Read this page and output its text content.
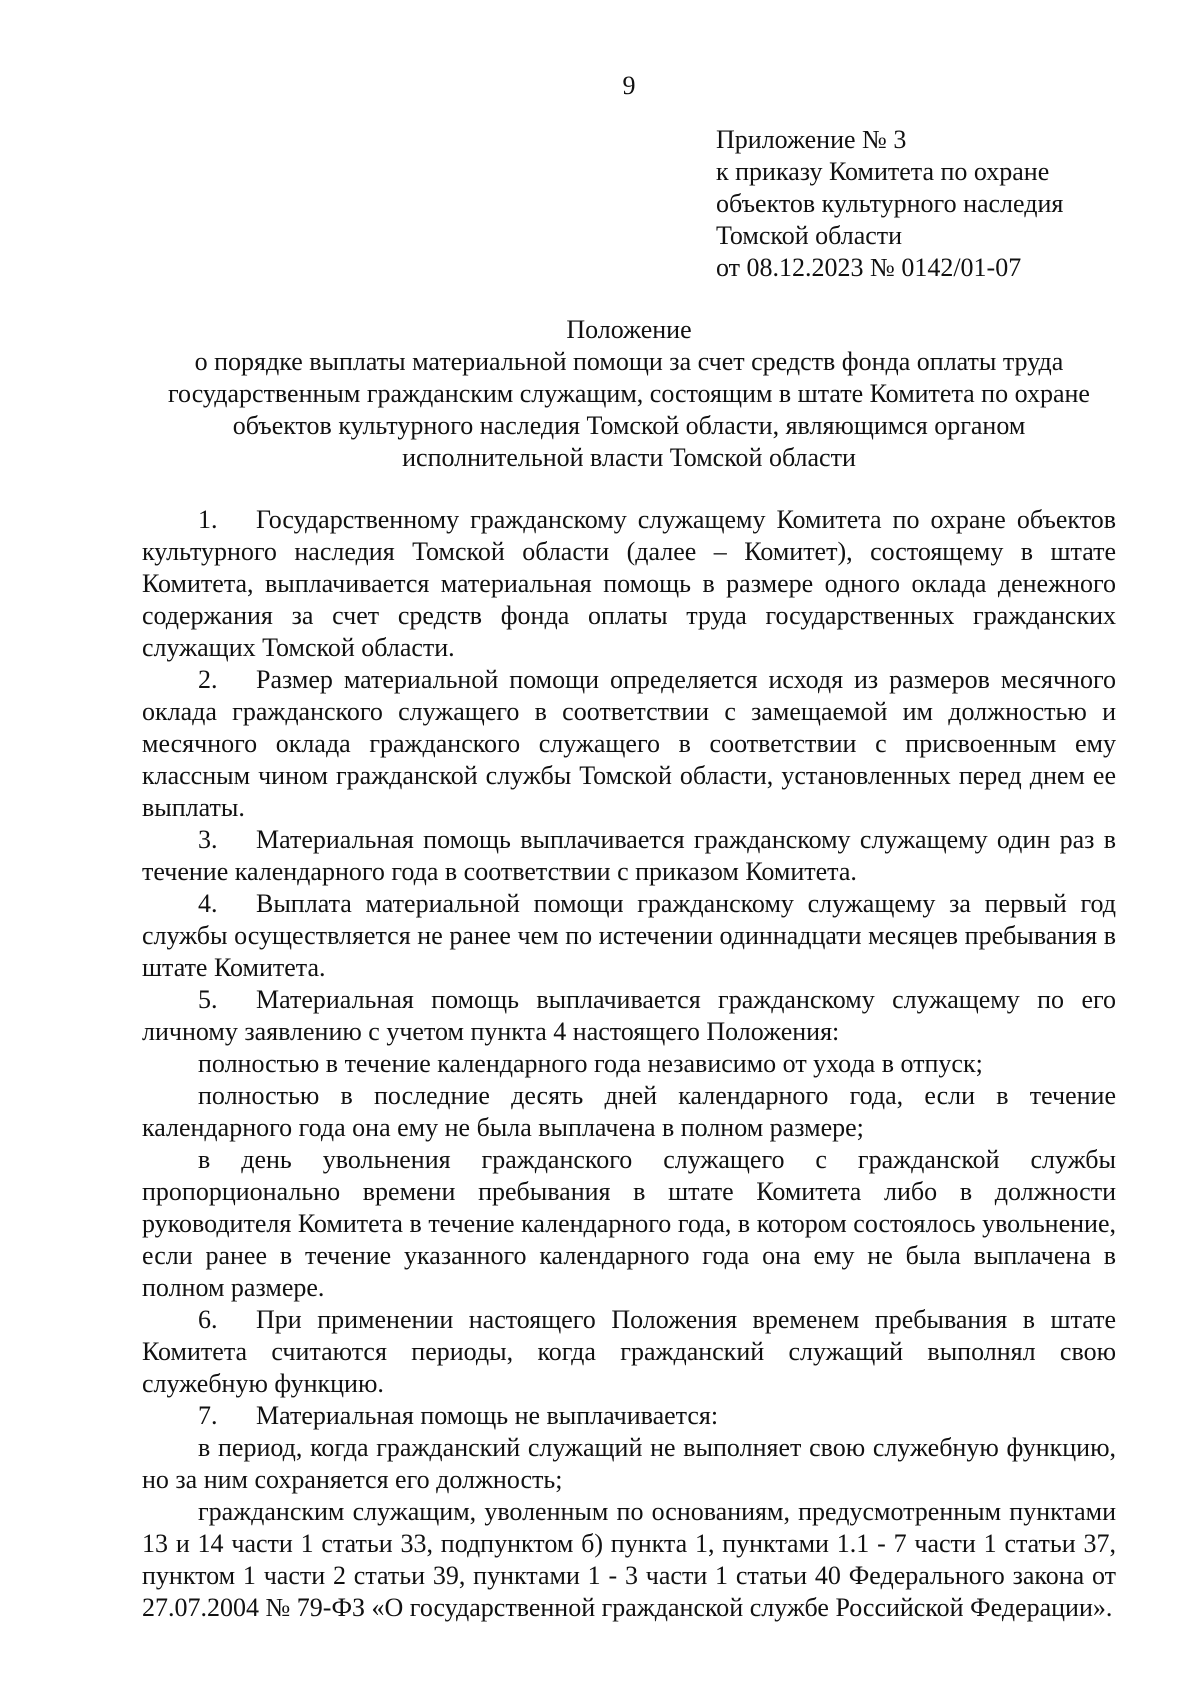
9
Приложение № 3
к приказу Комитета по охране
объектов культурного наследия
Томской области
от 08.12.2023 № 0142/01-07
Положение
о порядке выплаты материальной помощи за счет средств фонда оплаты труда
государственным гражданским служащим, состоящим в штате Комитета по охране
объектов культурного наследия Томской области, являющимся органом
исполнительной власти Томской области

1. Государственному гражданскому служащему Комитета по охране объектов культурного наследия Томской области (далее – Комитет), состоящему в штате Комитета, выплачивается материальная помощь в размере одного оклада денежного содержания за счет средств фонда оплаты труда государственных гражданских служащих Томской области.

2. Размер материальной помощи определяется исходя из размеров месячного оклада гражданского служащего в соответствии с замещаемой им должностью и месячного оклада гражданского служащего в соответствии с присвоенным ему классным чином гражданской службы Томской области, установленных перед днем ее выплаты.

3. Материальная помощь выплачивается гражданскому служащему один раз в течение календарного года в соответствии с приказом Комитета.

4. Выплата материальной помощи гражданскому служащему за первый год службы осуществляется не ранее чем по истечении одиннадцати месяцев пребывания в штате Комитета.

5. Материальная помощь выплачивается гражданскому служащему по его личному заявлению с учетом пункта 4 настоящего Положения:

полностью в течение календарного года независимо от ухода в отпуск;

полностью в последние десять дней календарного года, если в течение календарного года она ему не была выплачена в полном размере;

в день увольнения гражданского служащего с гражданской службы пропорционально времени пребывания в штате Комитета либо в должности руководителя Комитета в течение календарного года, в котором состоялось увольнение, если ранее в течение указанного календарного года она ему не была выплачена в полном размере.

6. При применении настоящего Положения временем пребывания в штате Комитета считаются периоды, когда гражданский служащий выполнял свою служебную функцию.

7. Материальная помощь не выплачивается:

в период, когда гражданский служащий не выполняет свою служебную функцию, но за ним сохраняется его должность;

гражданским служащим, уволенным по основаниям, предусмотренным пунктами 13 и 14 части 1 статьи 33, подпунктом б) пункта 1, пунктами 1.1 - 7 части 1 статьи 37, пунктом 1 части 2 статьи 39, пунктами 1 - 3 части 1 статьи 40 Федерального закона от 27.07.2004 № 79-ФЗ «О государственной гражданской службе Российской Федерации».
